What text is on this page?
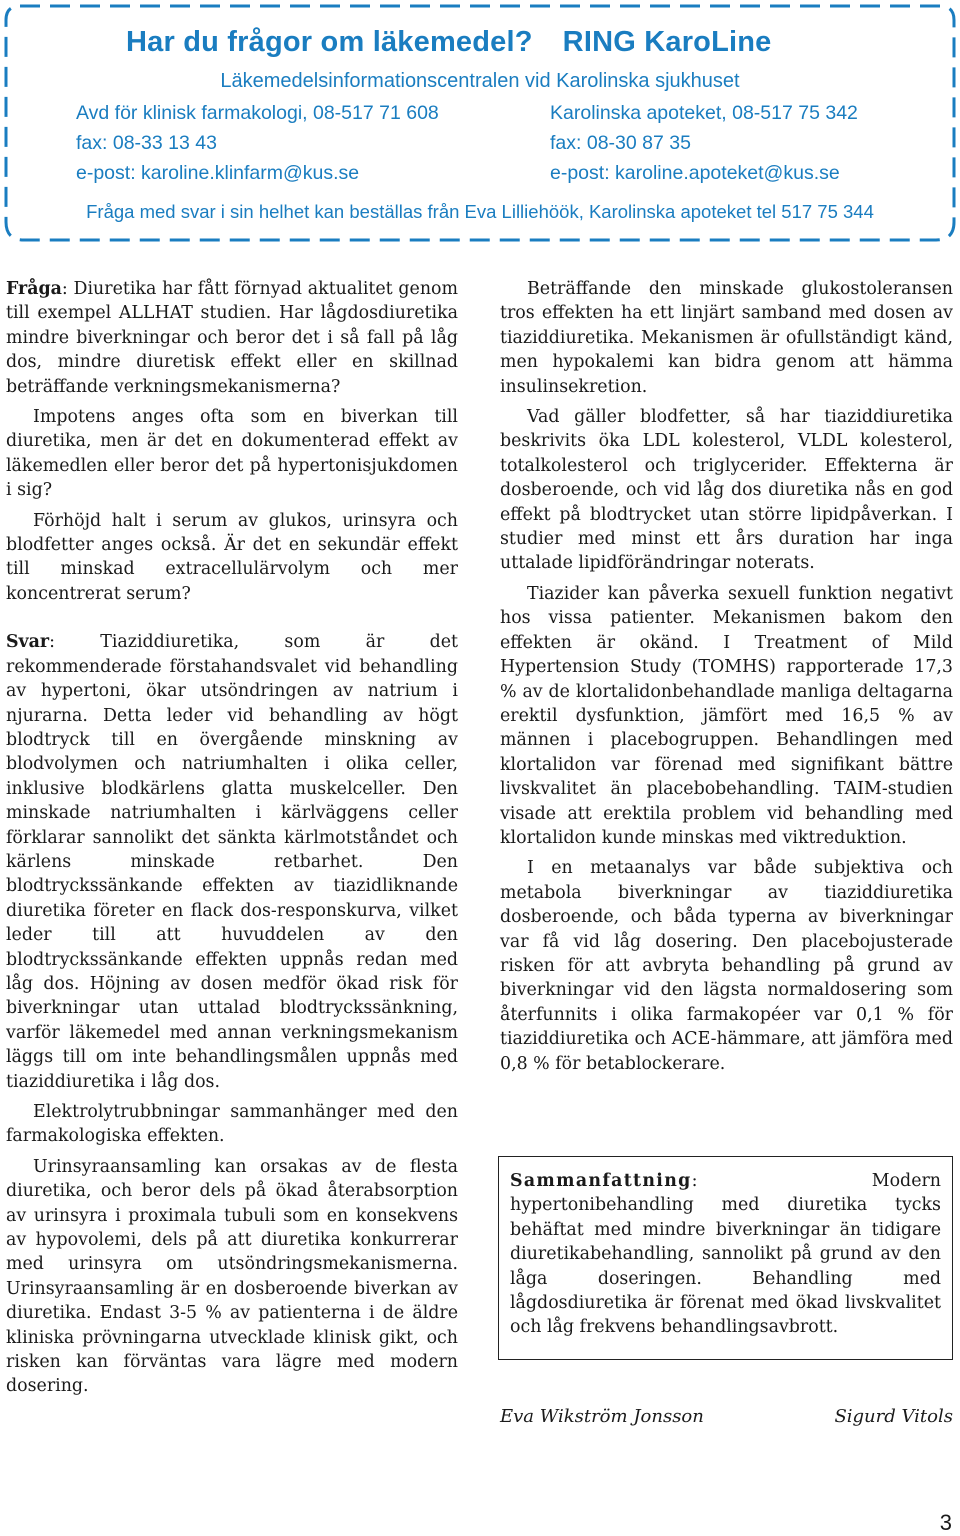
Har du frågor om läkemedel? RING KaroLine
Läkemedelsinformationscentralen vid Karolinska sjukhuset
Avd för klinisk farmakologi, 08-517 71 608
fax: 08-33 13 43
e-post: karoline.klinfarm@kus.se
Karolinska apoteket, 08-517 75 342
fax: 08-30 87 35
e-post: karoline.apoteket@kus.se
Fråga med svar i sin helhet kan beställas från Eva Lilliehöök, Karolinska apoteket tel 517 75 344

Fråga: Diuretika har fått förnyad aktualitet genom till exempel ALLHAT studien. Har lågdosdiuretika mindre biverkningar och beror det i så fall på låg dos, mindre diuretisk effekt eller en skillnad beträffande verkningsmekanismerna?

Impotens anges ofta som en biverkan till diuretika, men är det en dokumenterad effekt av läkemedlen eller beror det på hypertonisjukdomen i sig?

Förhöjd halt i serum av glukos, urinsyra och blodfetter anges också. Är det en sekundär effekt till minskad extracellulärvolym och mer koncentrerat serum?

Svar: Tiaziddiuretika, som är det rekommenderade förstahandsvalet vid behandling av hypertoni, ökar utsöndringen av natrium i njurarna. Detta leder vid behandling av högt blodtryck till en övergående minskning av blodvolymen och natriumhalten i olika celler, inklusive blodkärlens glatta muskelceller. Den minskade natriumhalten i kärlväggens celler förklarar sannolikt det sänkta kärlmotståndet och kärlens minskade retbarhet. Den blodtryckssänkande effekten av tiazidliknande diuretika företer en flack dos-responskurva, vilket leder till att huvuddelen av den blodtryckssänkande effekten uppnås redan med låg dos. Höjning av dosen medför ökad risk för biverkningar utan uttalad blodtryckssänkning, varför läkemedel med annan verkningsmekanism läggs till om inte behandlingsmålen uppnås med tiaziddiuretika i låg dos.

Elektrolytrubbningar sammanhänger med den farmakologiska effekten.

Urinsyraansamling kan orsakas av de flesta diuretika, och beror dels på ökad återabsorption av urinsyra i proximala tubuli som en konsekvens av hypovolemi, dels på att diuretika konkurrerar med urinsyra om utsöndringsmekanismerna. Urinsyraansamling är en dosberoende biverkan av diuretika. Endast 3-5 % av patienterna i de äldre kliniska prövningarna utvecklade klinisk gikt, och risken kan förväntas vara lägre med modern dosering.

Beträffande den minskade glukostoleransen tros effekten ha ett linjärt samband med dosen av tiaziddiuretika. Mekanismen är ofullständigt känd, men hypokalemi kan bidra genom att hämma insulinsekretion.

Vad gäller blodfetter, så har tiaziddiuretika beskrivits öka LDL kolesterol, VLDL kolesterol, totalkolesterol och triglycerider. Effekterna är dosberoende, och vid låg dos diuretika nås en god effekt på blodtrycket utan större lipidpåverkan. I studier med minst ett års duration har inga uttalade lipidförändringar noterats.

Tiazider kan påverka sexuell funktion negativt hos vissa patienter. Mekanismen bakom den effekten är okänd. I Treatment of Mild Hypertension Study (TOMHS) rapporterade 17,3 % av de klortalidonbehandlade manliga deltagarna erektil dysfunktion, jämfört med 16,5 % av männen i placebogruppen. Behandlingen med klortalidon var förenad med signifikant bättre livskvalitet än placebobehandling. TAIM-studien visade att erektila problem vid behandling med klortalidon kunde minskas med viktreduktion.

I en metaanalys var både subjektiva och metabola biverkningar av tiaziddiuretika dosberoende, och båda typerna av biverkningar var få vid låg dosering. Den placebojusterade risken för att avbryta behandling på grund av biverkningar vid den lägsta normaldosering som återfunnits i olika farmakopéer var 0,1 % för tiaziddiuretika och ACE-hämmare, att jämföra med 0,8 % för betablockerare.

Sammanfattning: Modern hypertonibehandling med diuretika tycks behäftat med mindre biverkningar än tidigare diuretikabehandling, sannolikt på grund av den låga doseringen. Behandling med lågdosdiuretika är förenat med ökad livskvalitet och låg frekvens behandlingsavbrott.
Eva Wikström Jonsson	Sigurd Vitols
3
